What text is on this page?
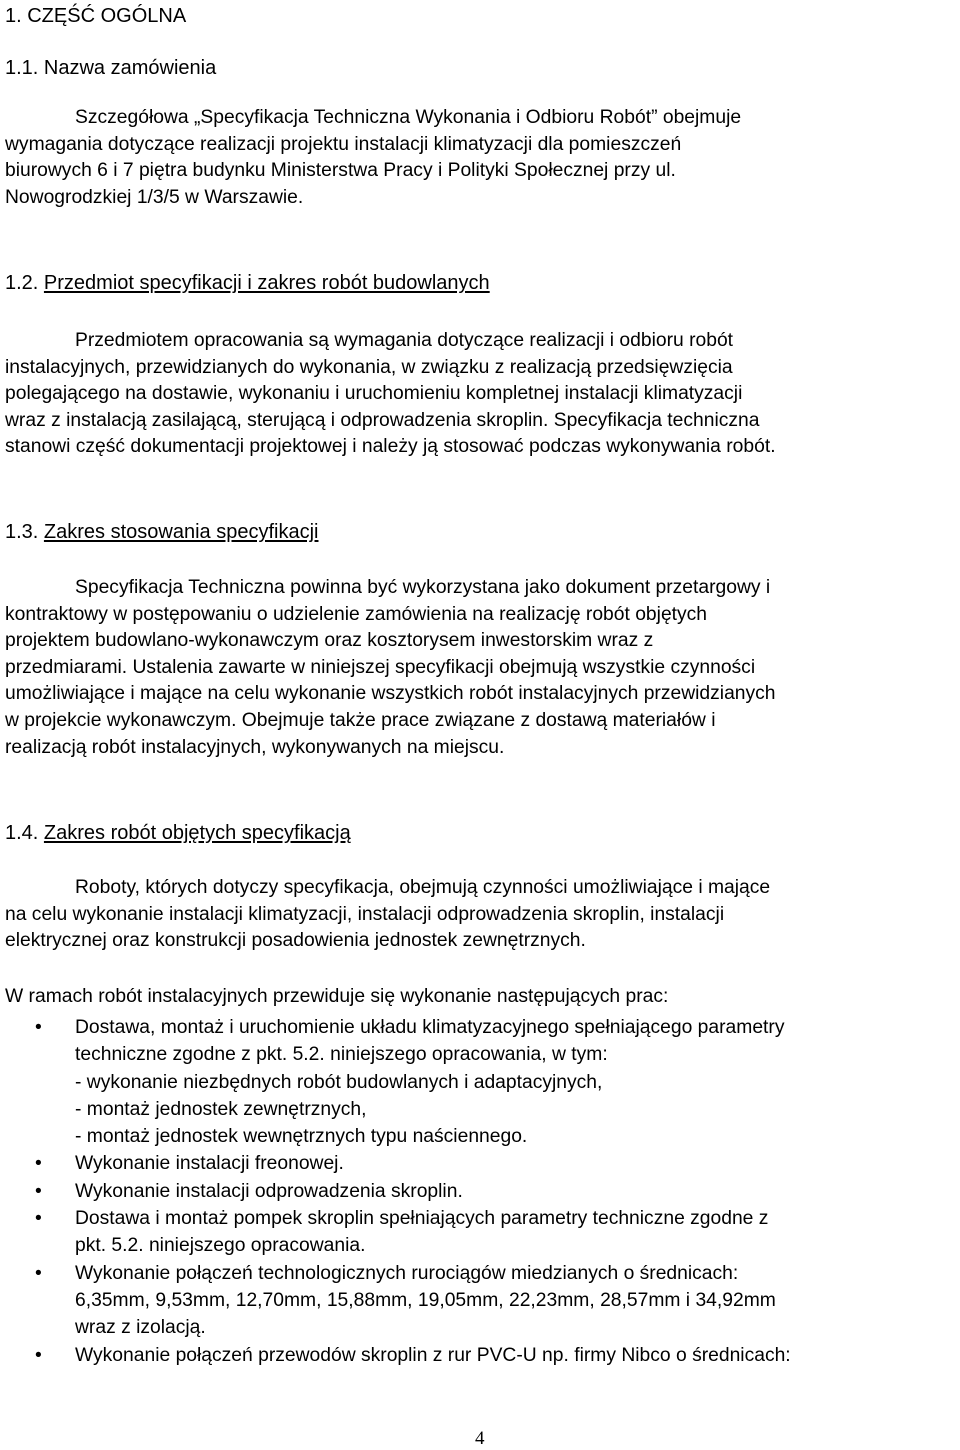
1. CZĘŚĆ OGÓLNA
1.1. Nazwa zamówienia
Szczegółowa „Specyfikacja Techniczna Wykonania i Odbioru Robót” obejmuje
wymagania dotyczące realizacji projektu instalacji klimatyzacji dla pomieszczeń
biurowych 6 i 7 piętra budynku Ministerstwa Pracy i Polityki Społecznej przy ul.
Nowogrodzkiej 1/3/5 w Warszawie.
1.2. Przedmiot specyfikacji i zakres robót budowlanych
Przedmiotem opracowania są wymagania dotyczące realizacji i odbioru robót
instalacyjnych, przewidzianych do wykonania, w związku z realizacją przedsięwzięcia
polegającego na dostawie, wykonaniu i uruchomieniu kompletnej instalacji klimatyzacji
wraz z instalacją zasilającą, sterującą i odprowadzenia skroplin. Specyfikacja techniczna
stanowi część dokumentacji projektowej i należy ją stosować podczas wykonywania robót.
1.3. Zakres stosowania specyfikacji
Specyfikacja Techniczna powinna być wykorzystana jako dokument przetargowy i
kontraktowy w postępowaniu o udzielenie zamówienia na realizację robót objętych
projektem budowlano-wykonawczym oraz kosztorysem inwestorskim wraz z
przedmiarami. Ustalenia zawarte w niniejszej specyfikacji obejmują wszystkie czynności
umożliwiające i mające na celu wykonanie wszystkich robót instalacyjnych przewidzianych
w projekcie wykonawczym. Obejmuje także prace związane z dostawą materiałów i
realizacją robót instalacyjnych, wykonywanych na miejscu.
1.4. Zakres robót objętych specyfikacją
Roboty, których dotyczy specyfikacja, obejmują czynności umożliwiające i mające
na celu wykonanie instalacji klimatyzacji, instalacji odprowadzenia skroplin, instalacji
elektrycznej oraz konstrukcji posadowienia jednostek zewnętrznych.
W ramach robót instalacyjnych przewiduje się wykonanie następujących prac:
• Dostawa, montaż i uruchomienie układu klimatyzacyjnego spełniającego parametry
techniczne zgodne z pkt. 5.2. niniejszego opracowania, w tym:
- wykonanie niezbędnych robót budowlanych i adaptacyjnych,
- montaż jednostek zewnętrznych,
- montaż jednostek wewnętrznych typu naściennego.
• Wykonanie instalacji freonowej.
• Wykonanie instalacji odprowadzenia skroplin.
• Dostawa i montaż pompek skroplin spełniających parametry techniczne zgodne z
pkt. 5.2. niniejszego opracowania.
• Wykonanie połączeń technologicznych rurociągów miedzianych o średnicach:
6,35mm, 9,53mm, 12,70mm, 15,88mm, 19,05mm, 22,23mm, 28,57mm i 34,92mm
wraz z izolacją.
• Wykonanie połączeń przewodów skroplin z rur PVC-U np. firmy Nibco o średnicach:
4
